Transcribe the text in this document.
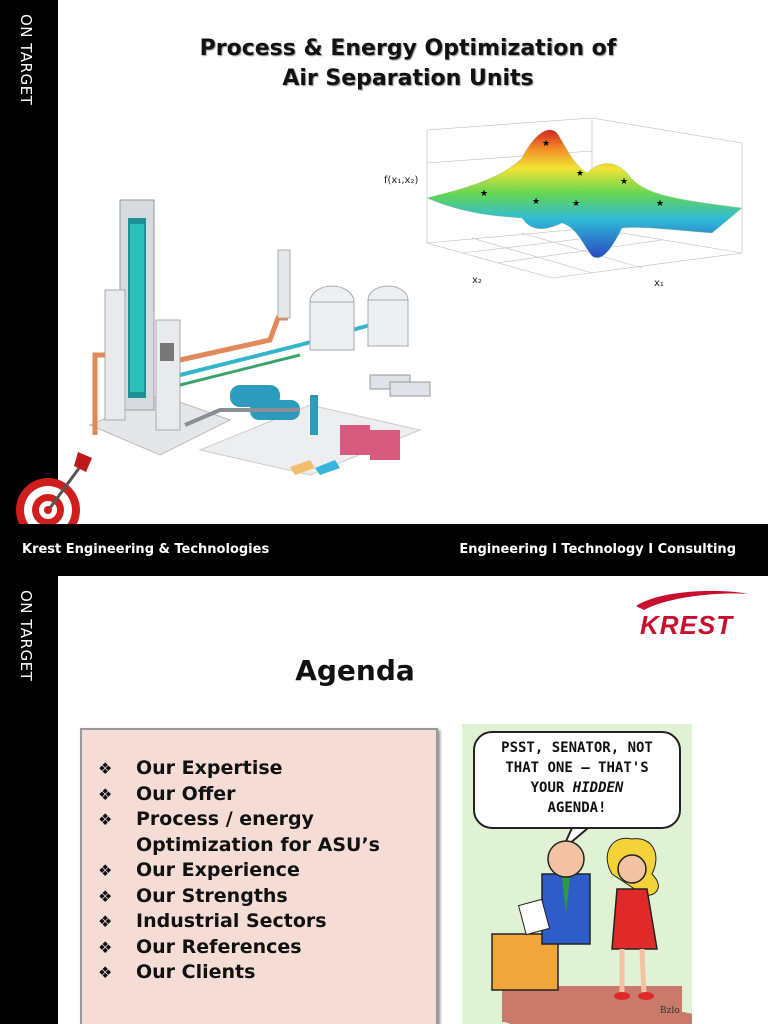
ON TARGET	Process & Energy Optimization of
Air Separation Units
★
★
★	★
★
★
★
f(x₁,x₂)
x₂	x₁
Krest Engineering & Technologies	Engineering I Technology I Consulting
ON TARGET	KREST
Agenda
❖ Our Expertise
❖ Our Offer
❖ Process / energy Optimization for ASU’s
❖ Our Experience
❖ Our Strengths
❖ Industrial Sectors
❖ Our References
❖ Our Clients
PSST, SENATOR, NOT
THAT ONE – THAT'S
YOUR HIDDEN
AGENDA!
Bzlo
